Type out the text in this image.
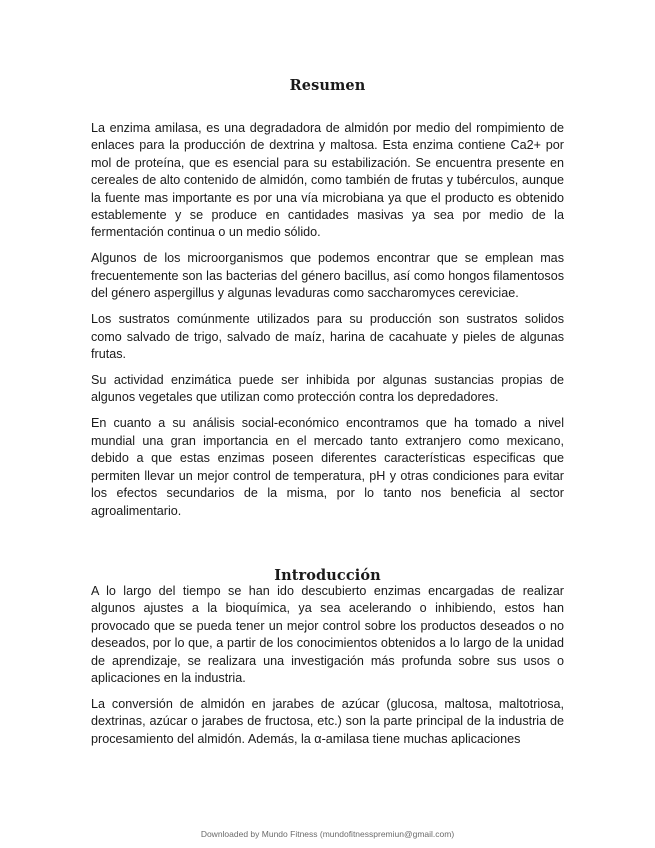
Resumen

La enzima amilasa, es una degradadora de almidón por medio del rompimiento de enlaces para la producción de dextrina y maltosa. Esta enzima contiene Ca2+ por mol de proteína, que es esencial para su estabilización. Se encuentra presente en cereales de alto contenido de almidón, como también de frutas y tubérculos, aunque la fuente mas importante es por una vía microbiana ya que el producto es obtenido establemente y se produce en cantidades masivas ya sea por medio de la fermentación continua o un medio sólido.

Algunos de los microorganismos que podemos encontrar que se emplean mas frecuentemente son las bacterias del género bacillus, así como hongos filamentosos del género aspergillus y algunas levaduras como saccharomyces cereviciae.

Los sustratos comúnmente utilizados para su producción son sustratos solidos como salvado de trigo, salvado de maíz, harina de cacahuate y pieles de algunas frutas.

Su actividad enzimática puede ser inhibida por algunas sustancias propias de algunos vegetales que utilizan como protección contra los depredadores.

En cuanto a su análisis social-económico encontramos que ha tomado a nivel mundial una gran importancia en el mercado tanto extranjero como mexicano, debido a que estas enzimas poseen diferentes características especificas que permiten llevar un mejor control de temperatura, pH y otras condiciones para evitar los efectos secundarios de la misma, por lo tanto nos beneficia al sector agroalimentario.

Introducción

A lo largo del tiempo se han ido descubierto enzimas encargadas de realizar algunos ajustes a la bioquímica, ya sea acelerando o inhibiendo, estos han provocado que se pueda tener un mejor control sobre los productos deseados o no deseados, por lo que, a partir de los conocimientos obtenidos a lo largo de la unidad de aprendizaje, se realizara una investigación más profunda sobre sus usos o aplicaciones en la industria.

La conversión de almidón en jarabes de azúcar (glucosa, maltosa, maltotriosa, dextrinas, azúcar o jarabes de fructosa, etc.) son la parte principal de la industria de procesamiento del almidón. Además, la α-amilasa tiene muchas aplicaciones

Downloaded by Mundo Fitness (mundofitnesspremiun@gmail.com)
